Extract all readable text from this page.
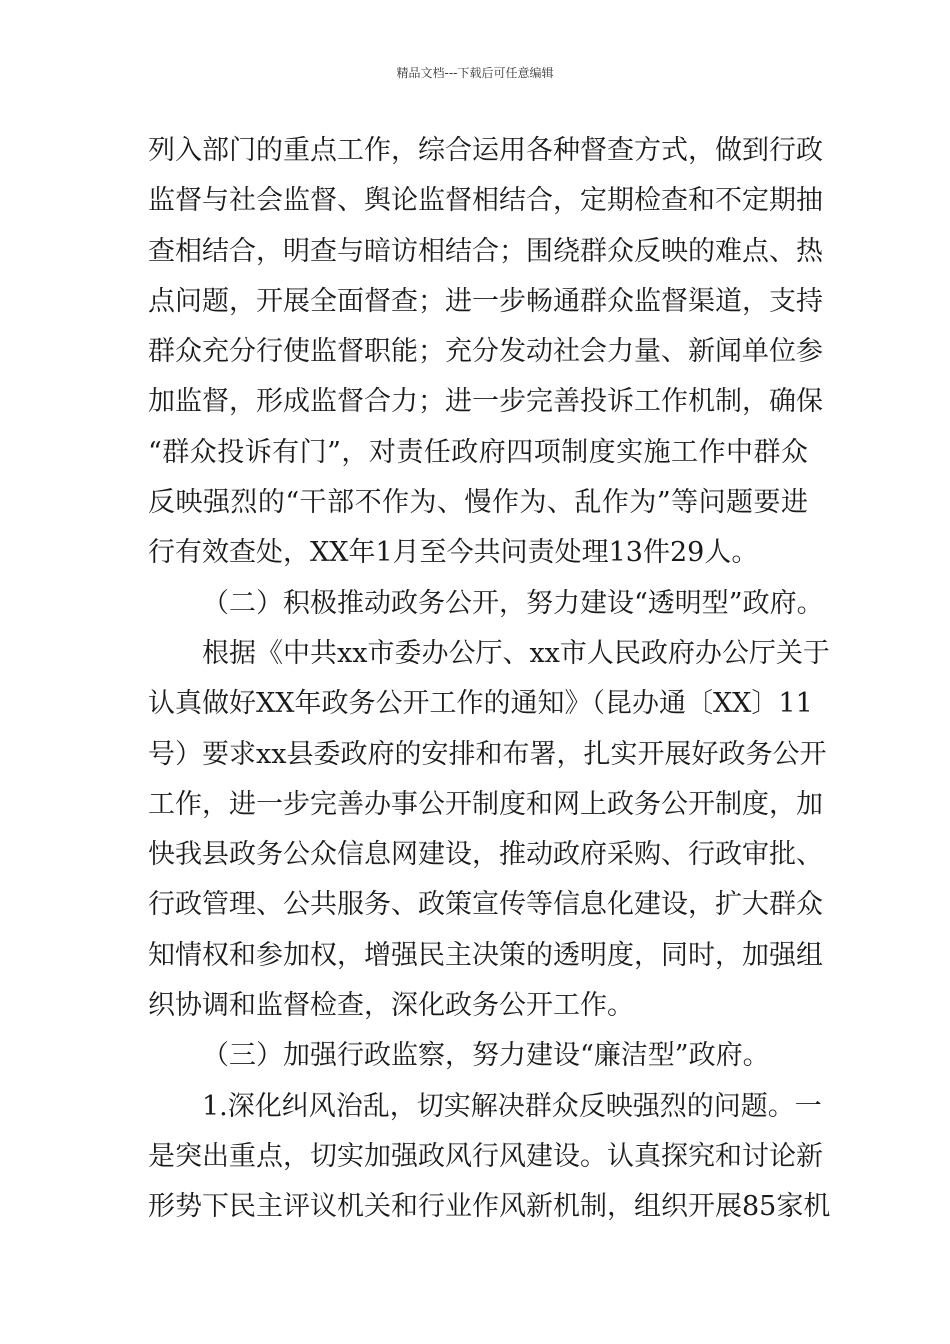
精品文档---下载后可任意编辑
列入部门的重点工作，综合运用各种督查方式，做到行政
监督与社会监督、舆论监督相结合，定期检查和不定期抽
查相结合，明查与暗访相结合；围绕群众反映的难点、热
点问题，开展全面督查；进一步畅通群众监督渠道，支持
群众充分行使监督职能；充分发动社会力量、新闻单位参
加监督，形成监督合力；进一步完善投诉工作机制，确保
“群众投诉有门”，对责任政府四项制度实施工作中群众
反映强烈的“干部不作为、慢作为、乱作为”等问题要进
行有效查处，XX年1月至今共问责处理13件29人。
（二）积极推动政务公开，努力建设“透明型”政府。
根据《中共xx市委办公厅、xx市人民政府办公厅关于
认真做好XX年政务公开工作的通知》（昆办通〔XX〕11
号）要求xx县委政府的安排和布署，扎实开展好政务公开
工作，进一步完善办事公开制度和网上政务公开制度，加
快我县政务公众信息网建设，推动政府采购、行政审批、
行政管理、公共服务、政策宣传等信息化建设，扩大群众
知情权和参加权，增强民主决策的透明度，同时，加强组
织协调和监督检查，深化政务公开工作。
（三）加强行政监察，努力建设“廉洁型”政府。
1.深化纠风治乱，切实解决群众反映强烈的问题。一
是突出重点，切实加强政风行风建设。认真探究和讨论新
形势下民主评议机关和行业作风新机制，组织开展85家机
